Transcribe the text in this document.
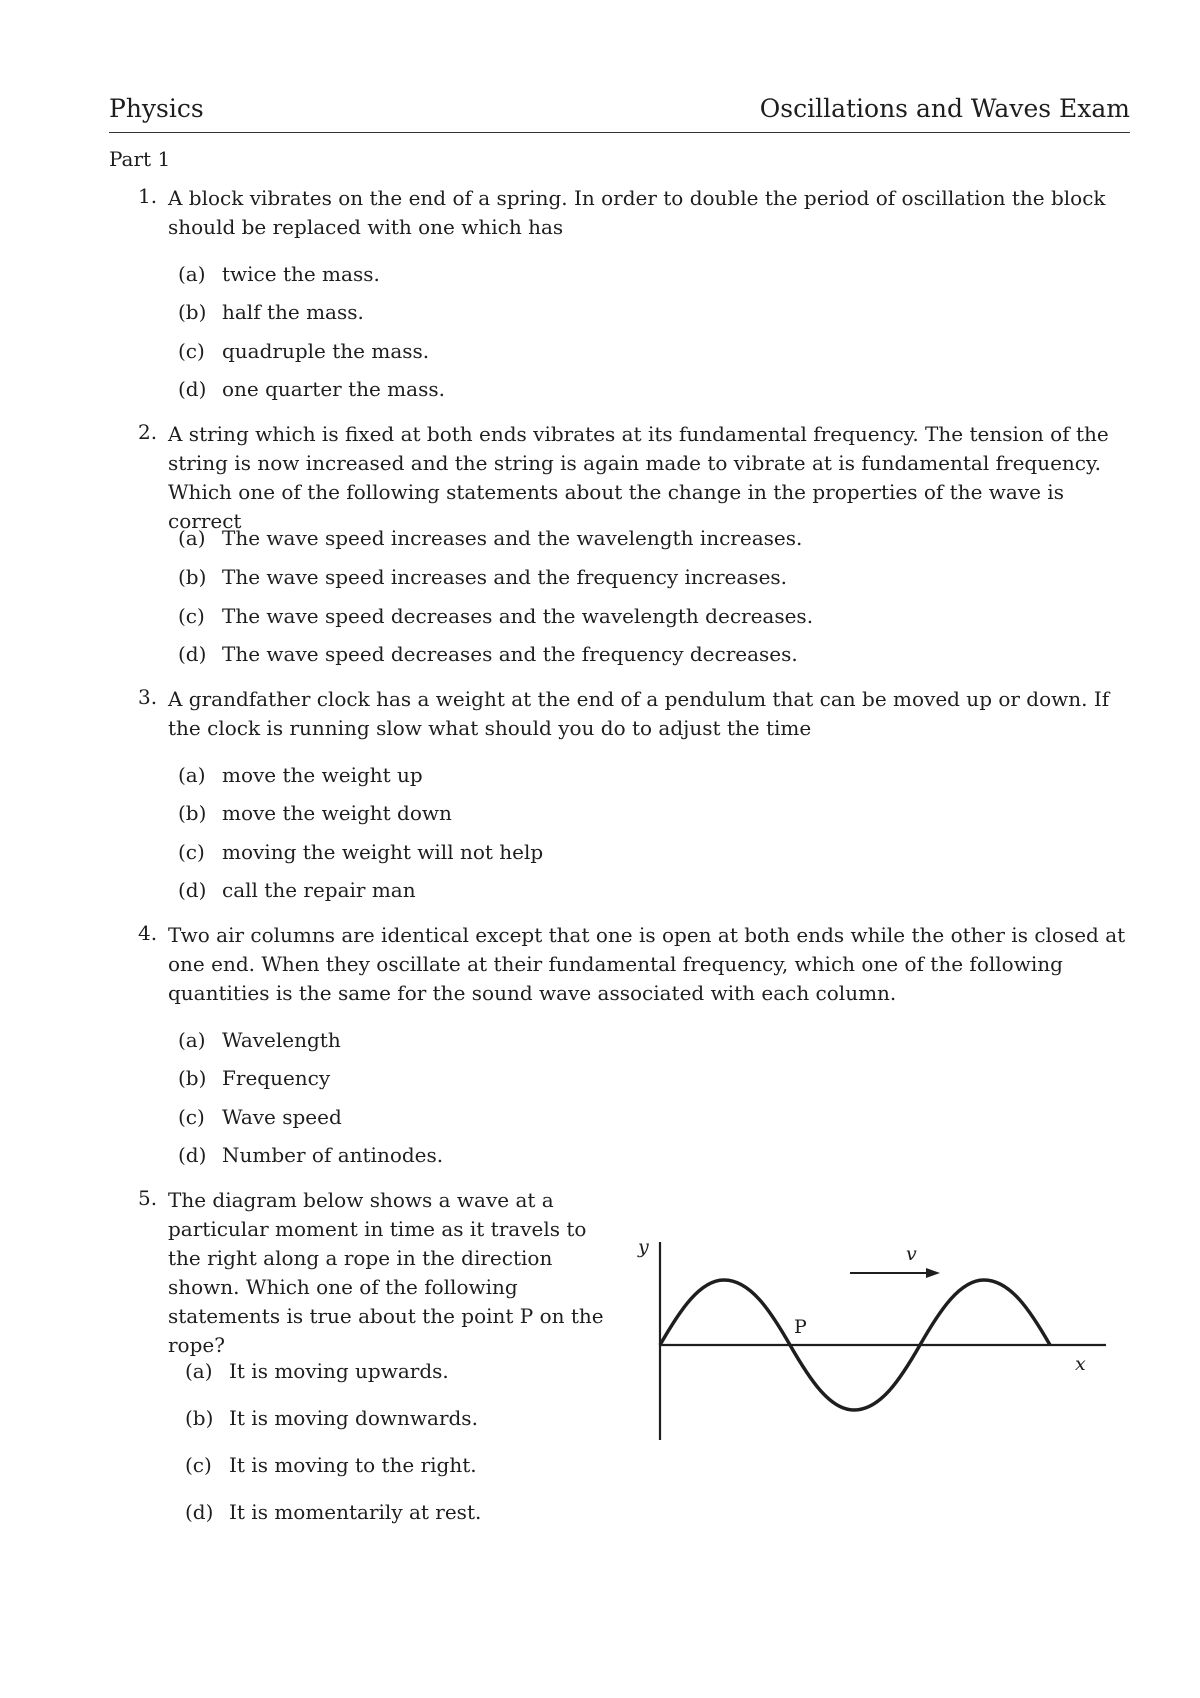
Physics	Oscillations and Waves Exam
Part 1
1. A block vibrates on the end of a spring. In order to double the period of oscillation the block should be replaced with one which has
(a) twice the mass.
(b) half the mass.
(c) quadruple the mass.
(d) one quarter the mass.
2. A string which is fixed at both ends vibrates at its fundamental frequency. The tension of the string is now increased and the string is again made to vibrate at is fundamental frequency. Which one of the following statements about the change in the properties of the wave is correct
(a) The wave speed increases and the wavelength increases.
(b) The wave speed increases and the frequency increases.
(c) The wave speed decreases and the wavelength decreases.
(d) The wave speed decreases and the frequency decreases.
3. A grandfather clock has a weight at the end of a pendulum that can be moved up or down. If the clock is running slow what should you do to adjust the time
(a) move the weight up
(b) move the weight down
(c) moving the weight will not help
(d) call the repair man
4. Two air columns are identical except that one is open at both ends while the other is closed at one end. When they oscillate at their fundamental frequency, which one of the following quantities is the same for the sound wave associated with each column.
(a) Wavelength
(b) Frequency
(c) Wave speed
(d) Number of antinodes.
5. The diagram below shows a wave at a particular moment in time as it travels to the right along a rope in the direction shown. Which one of the following statements is true about the point P on the rope?
(a) It is moving upwards.
(b) It is moving downwards.
(c) It is moving to the right.
(d) It is momentarily at rest.
y
x
v
P
